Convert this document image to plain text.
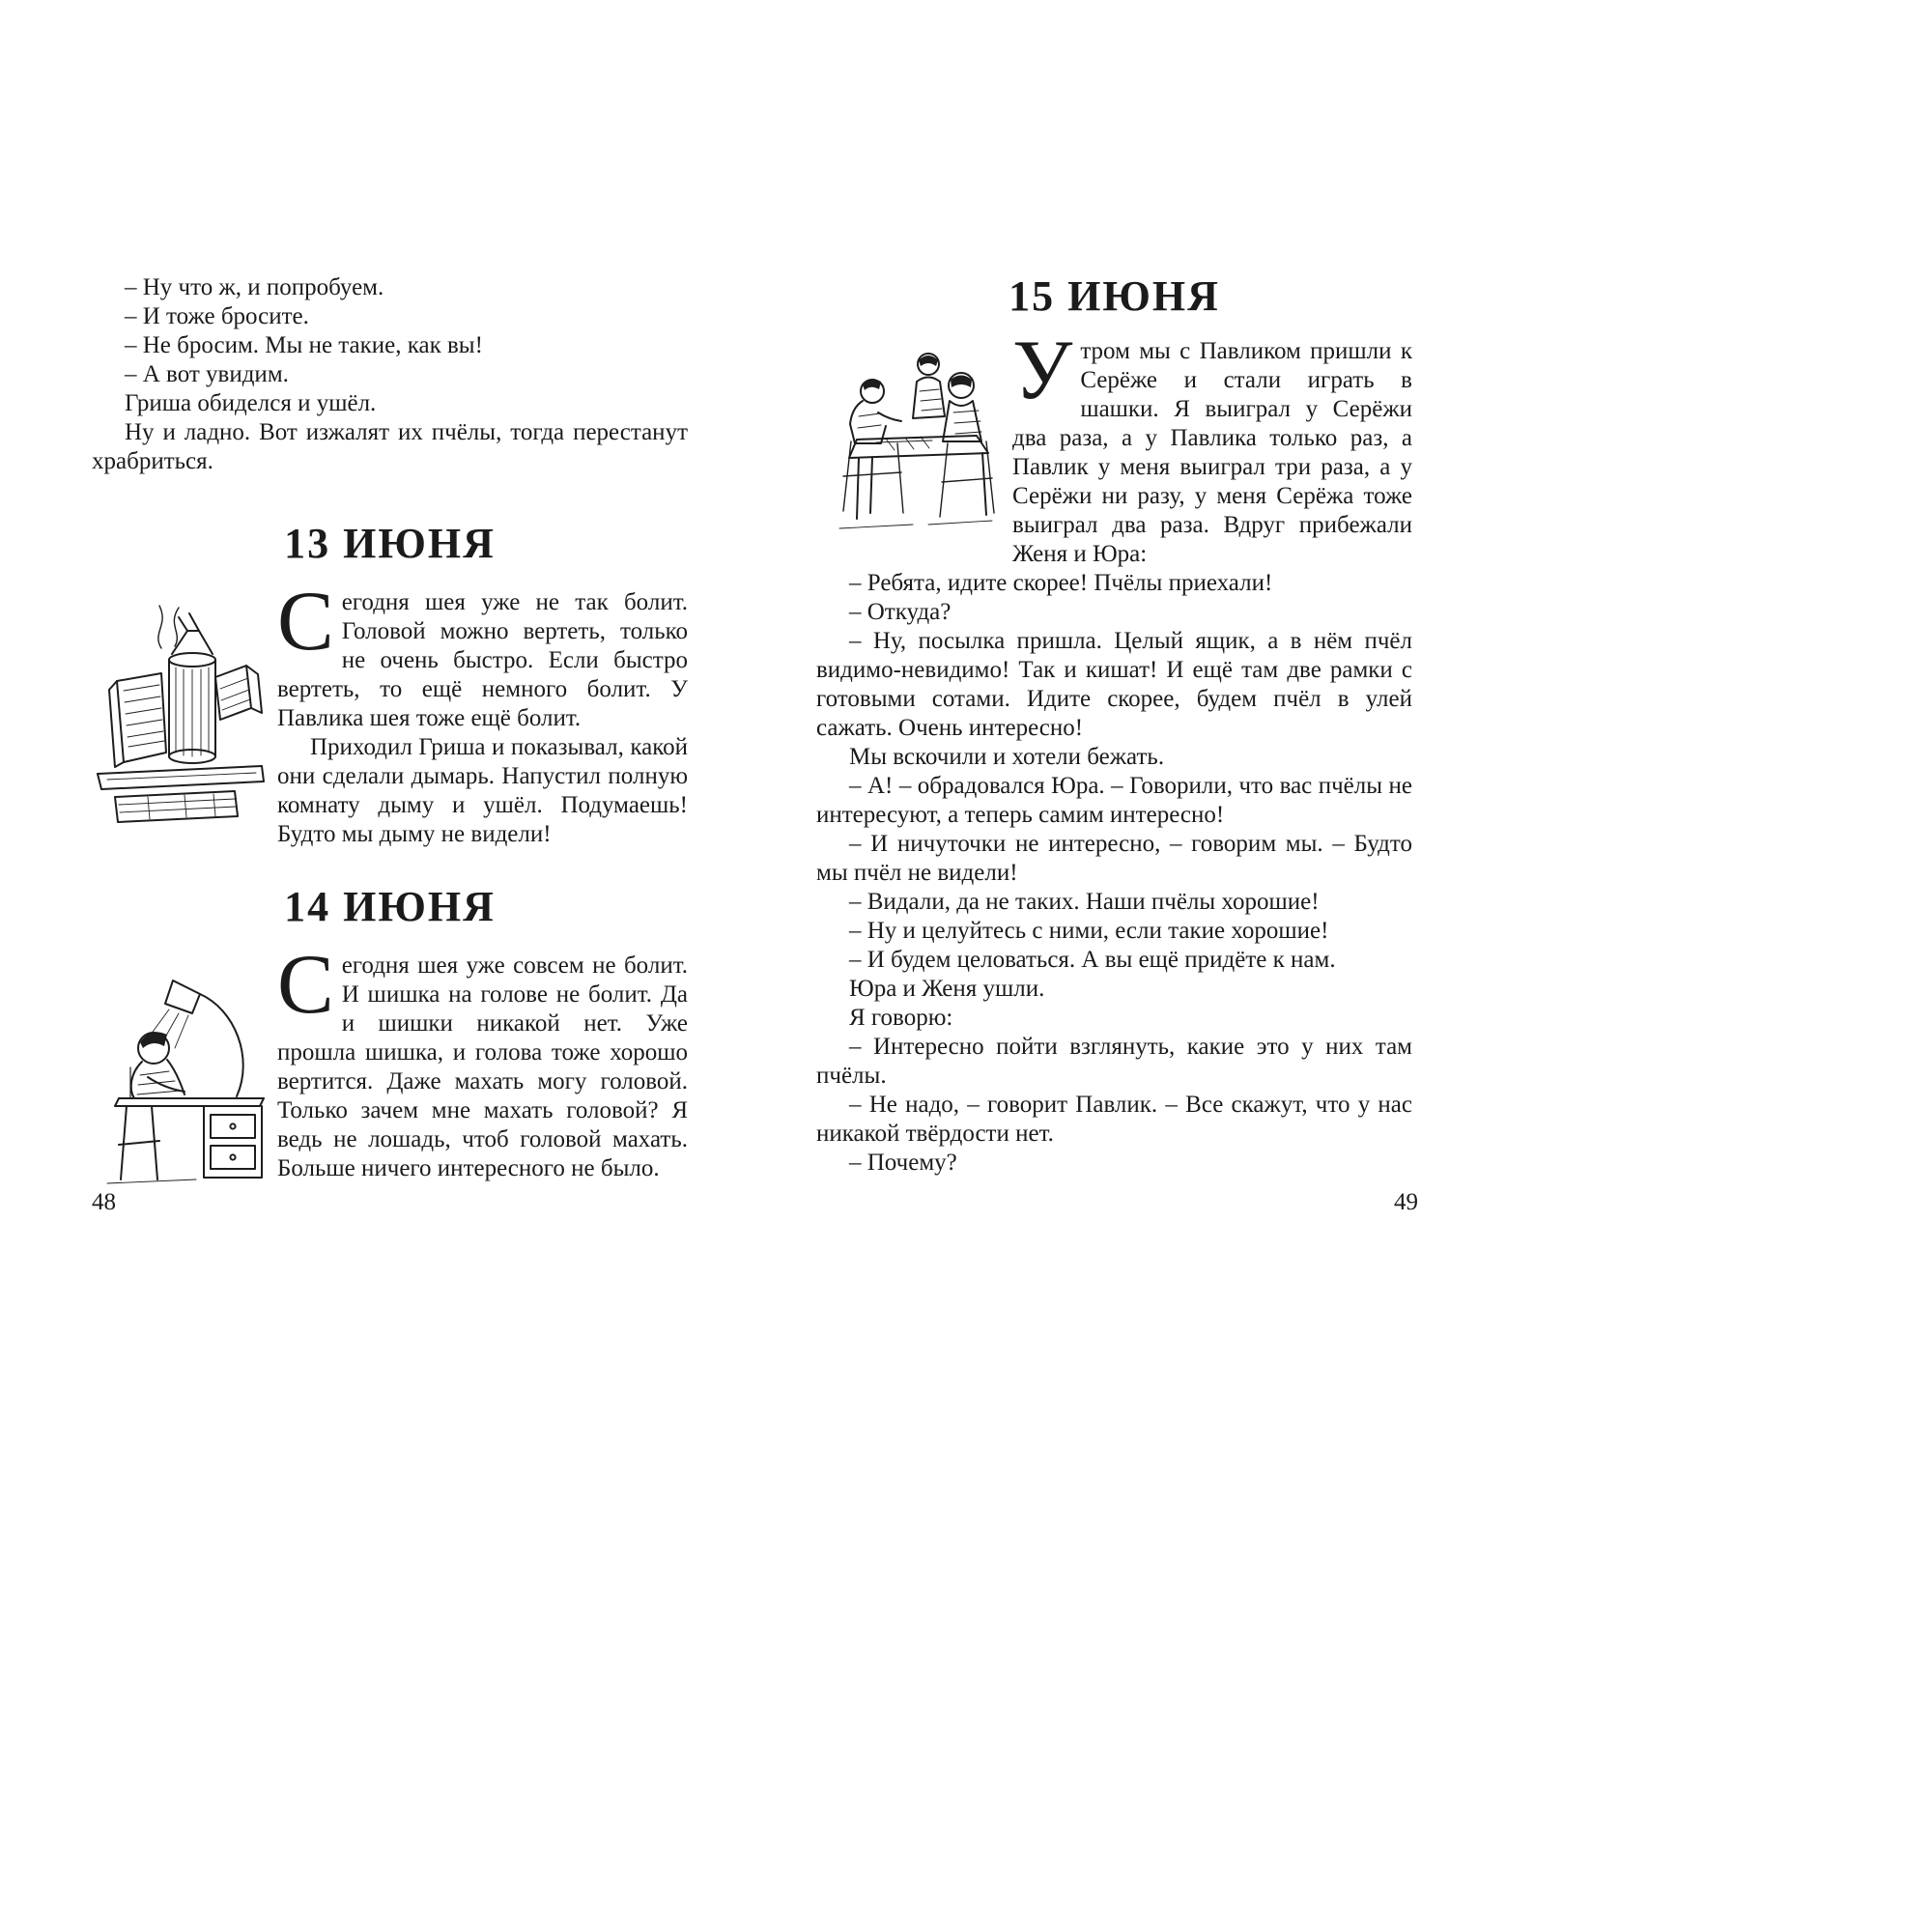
– Ну что ж, и попробуем.

– И тоже бросите.

– Не бросим. Мы не такие, как вы!

– А вот увидим.

Гриша обиделся и ушёл.

Ну и ладно. Вот изжалят их пчёлы, тогда перестанут храбриться.

13 ИЮНЯ

Сегодня шея уже не так болит. Головой можно вертеть, только не очень быстро. Если быстро вертеть, то ещё немного болит. У Павлика шея тоже ещё болит.

Приходил Гриша и показывал, какой они сделали дымарь. Напустил полную комнату дыму и ушёл. Подумаешь! Будто мы дыму не видели!

14 ИЮНЯ

Сегодня шея уже совсем не болит. И шишка на голове не болит. Да и шишки никакой нет. Уже прошла шишка, и голова тоже хорошо вертится. Даже махать могу головой. Только зачем мне махать головой? Я ведь не лошадь, чтоб головой махать. Больше ничего интересного не было.

15 ИЮНЯ

Утром мы с Павликом пришли к Серёже и стали играть в шашки. Я выиграл у Серёжи два раза, а у Павлика только раз, а Павлик у меня выиграл три раза, а у Серёжи ни разу, у меня Серёжа тоже выиграл два раза. Вдруг прибежали Женя и Юра:

– Ребята, идите скорее! Пчёлы приехали!

– Откуда?

– Ну, посылка пришла. Целый ящик, а в нём пчёл видимо-невидимо! Так и кишат! И ещё там две рамки с готовыми сотами. Идите скорее, будем пчёл в улей сажать. Очень интересно!

Мы вскочили и хотели бежать.

– А! – обрадовался Юра. – Говорили, что вас пчёлы не интересуют, а теперь самим интересно!

– И ничуточки не интересно, – говорим мы. – Будто мы пчёл не видели!

– Видали, да не таких. Наши пчёлы хорошие!

– Ну и целуйтесь с ними, если такие хорошие!

– И будем целоваться. А вы ещё придёте к нам.

Юра и Женя ушли.

Я говорю:

– Интересно пойти взглянуть, какие это у них там пчёлы.

– Не надо, – говорит Павлик. – Все скажут, что у нас никакой твёрдости нет.

– Почему?

48	49
